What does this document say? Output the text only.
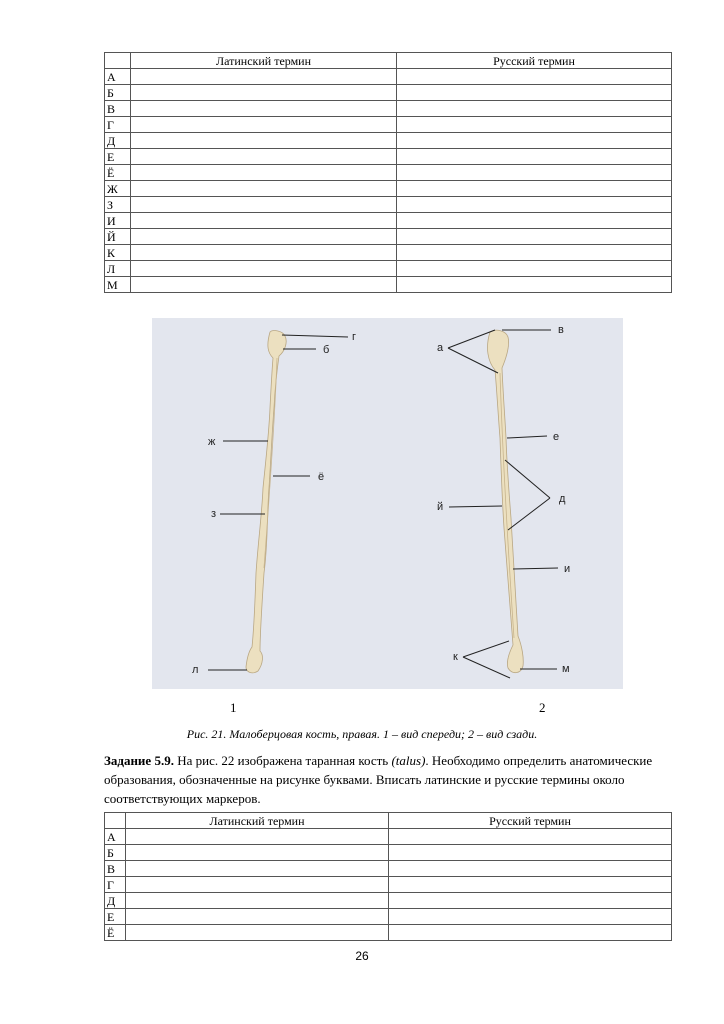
	Латинский термин	Русский термин
А		
Б		
В		
Г		
Д		
Е		
Ё		
Ж		
З		
И		
Й		
К		
Л		
М		
г
б
ж
ё
з
л
в
а
е
д
й
и
к
м
1	2
Рис. 21. Малоберцовая кость, правая. 1 – вид спереди; 2 – вид сзади.
Задание 5.9. На рис. 22 изображена таранная кость (talus). Необходимо определить анатомические образования, обозначенные на рисунке буквами. Вписать латинские и русские термины около соответствующих маркеров.
	Латинский термин	Русский термин
А		
Б		
В		
Г		
Д		
Е		
Ё		
26
